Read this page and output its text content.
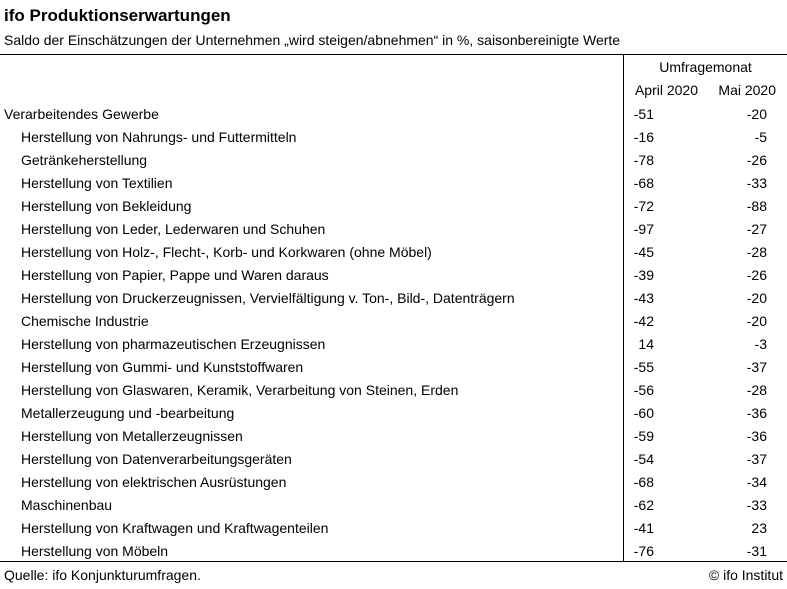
ifo Produktionserwartungen
Saldo der Einschätzungen der Unternehmen „wird steigen/abnehmen“ in %, saisonbereinigte Werte
Umfragemonat
April 2020	Mai 2020
Verarbeitendes Gewerbe	-51	-20
Herstellung von Nahrungs- und Futtermitteln	-16	-5
Getränkeherstellung	-78	-26
Herstellung von Textilien	-68	-33
Herstellung von Bekleidung	-72	-88
Herstellung von Leder, Lederwaren und Schuhen	-97	-27
Herstellung von Holz-, Flecht-, Korb- und Korkwaren (ohne Möbel)	-45	-28
Herstellung von Papier, Pappe und Waren daraus	-39	-26
Herstellung von Druckerzeugnissen, Vervielfältigung v. Ton-, Bild-, Datenträgern	-43	-20
Chemische Industrie	-42	-20
Herstellung von pharmazeutischen Erzeugnissen	14	-3
Herstellung von Gummi- und Kunststoffwaren	-55	-37
Herstellung von Glaswaren, Keramik, Verarbeitung von Steinen, Erden	-56	-28
Metallerzeugung und -bearbeitung	-60	-36
Herstellung von Metallerzeugnissen	-59	-36
Herstellung von Datenverarbeitungsgeräten	-54	-37
Herstellung von elektrischen Ausrüstungen	-68	-34
Maschinenbau	-62	-33
Herstellung von Kraftwagen und Kraftwagenteilen	-41	23
Herstellung von Möbeln	-76	-31
Quelle: ifo Konjunkturumfragen.	© ifo Institut
